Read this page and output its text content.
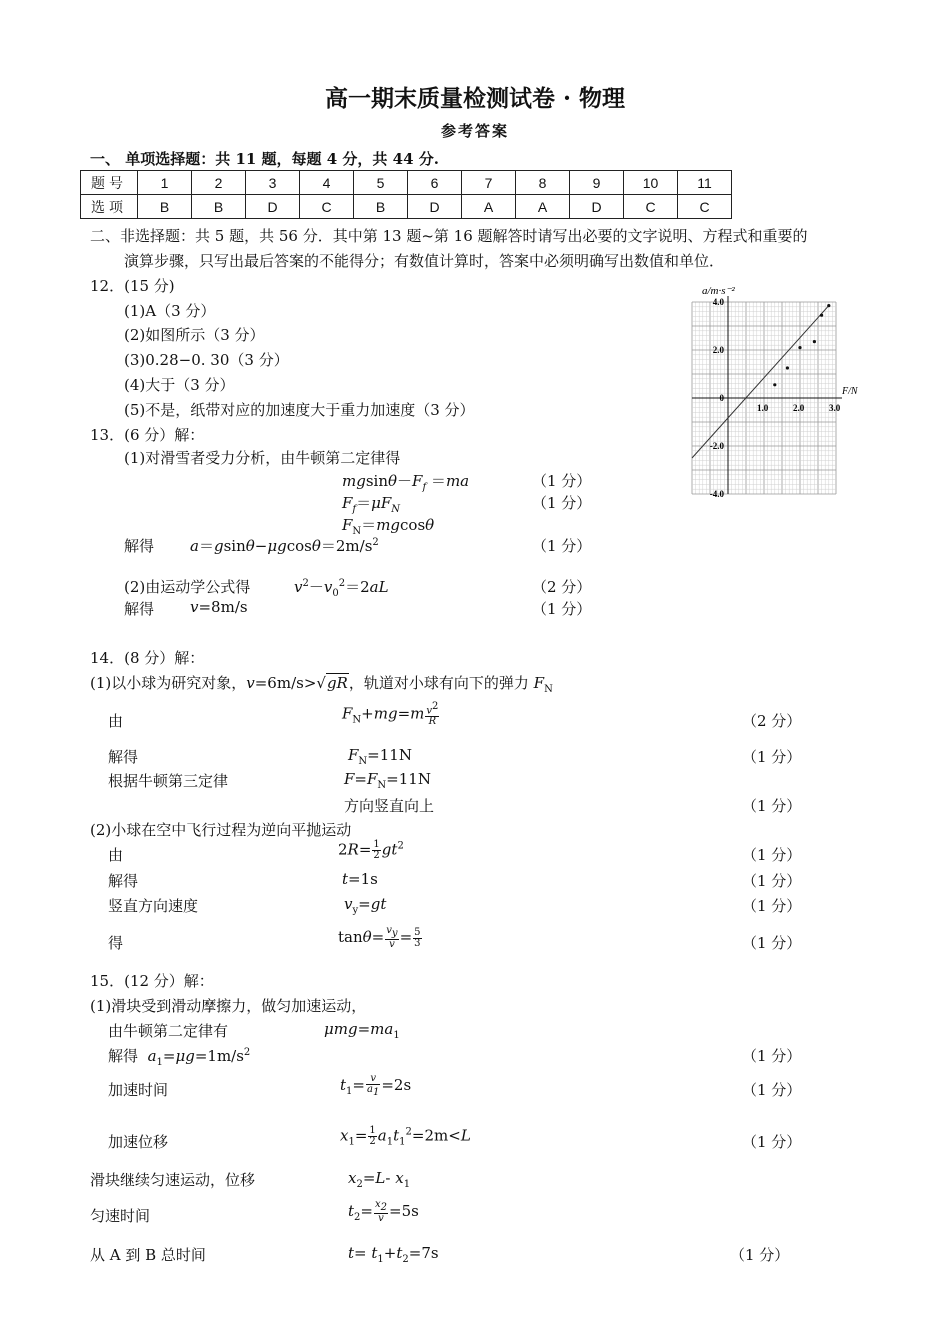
高一期末质量检测试卷 · 物理
参考答案
一、 单项选择题：共 11 题，每题 4 分，共 44 分.
题号	1	2	3	4	5	6	7	8	9	10	11
选项	B	B	D	C	B	D	A	A	D	C	C
二、非选择题：共 5 题，共 56 分．其中第 13 题~第 16 题解答时请写出必要的文字说明、方程式和重要的
演算步骤，只写出最后答案的不能得分；有数值计算时，答案中必须明确写出数值和单位．
12．(15 分)
(1)A（3 分）
(2)如图所示（3 分）
(3)0.28−0. 30（3 分）
(4)大于（3 分）
(5)不是，纸带对应的加速度大于重力加速度（3 分）	1.0	2.0	3.0
4.0
2.0
0
-2.0
-4.0
a/m·s⁻²
F/N
13．(6 分）解：
(1)对滑雪者受力分析，由牛顿第二定律得
$mgsin\theta-F_f =ma$	（1 分）
$F_f=\mu F_N$	（1 分）
$F_N=mgcos\theta$
解得 $a=gsin\theta-\mu gcos\theta=2m/s^2$	（1 分）
(2)由运动学公式得	$v^2-v_0^2=2aL$	（2 分）
解得 v=8m/s	（1 分）
14．(8 分）解：
(1)以小球为研究对象，v=6m/s>√gR，轨道对小球有向下的弹力 $F_N$
由	$F_N+mg=m \frac{v^2}{R}$	（2 分）
解得	$F_N=11N$	（1 分）
根据牛顿第三定律	$F=F_N=11N$
方向竖直向上	（1 分）
(2)小球在空中飞行过程为逆向平抛运动
由	$2R= \frac{1}{2} gt^2$	（1 分）
解得	t=1s	（1 分）
竖直方向速度	$v_y=gt$	（1 分）
得	$\tan\theta= \frac{v_y}{v} = \frac{5}{3}$	（1 分）
15．(12 分）解：
(1)滑块受到滑动摩擦力，做匀加速运动，
由牛顿第二定律有	$\mu mg=ma_1$
解得 $a_1=\mu g=1m/s^2$	（1 分）
加速时间	$t_1= \frac{v}{a_1} =2s$	（1 分）
加速位移	$x_1= \frac{1}{2} a_1t_1^2=2m<L$	（1 分）
滑块继续匀速运动，位移	$x_2=L-$ $x_1$
匀速时间	$t_2= \frac{x_2}{v} =5s$
从 A 到 B 总时间	$t= t_1+t_2=7s$	（1 分）
